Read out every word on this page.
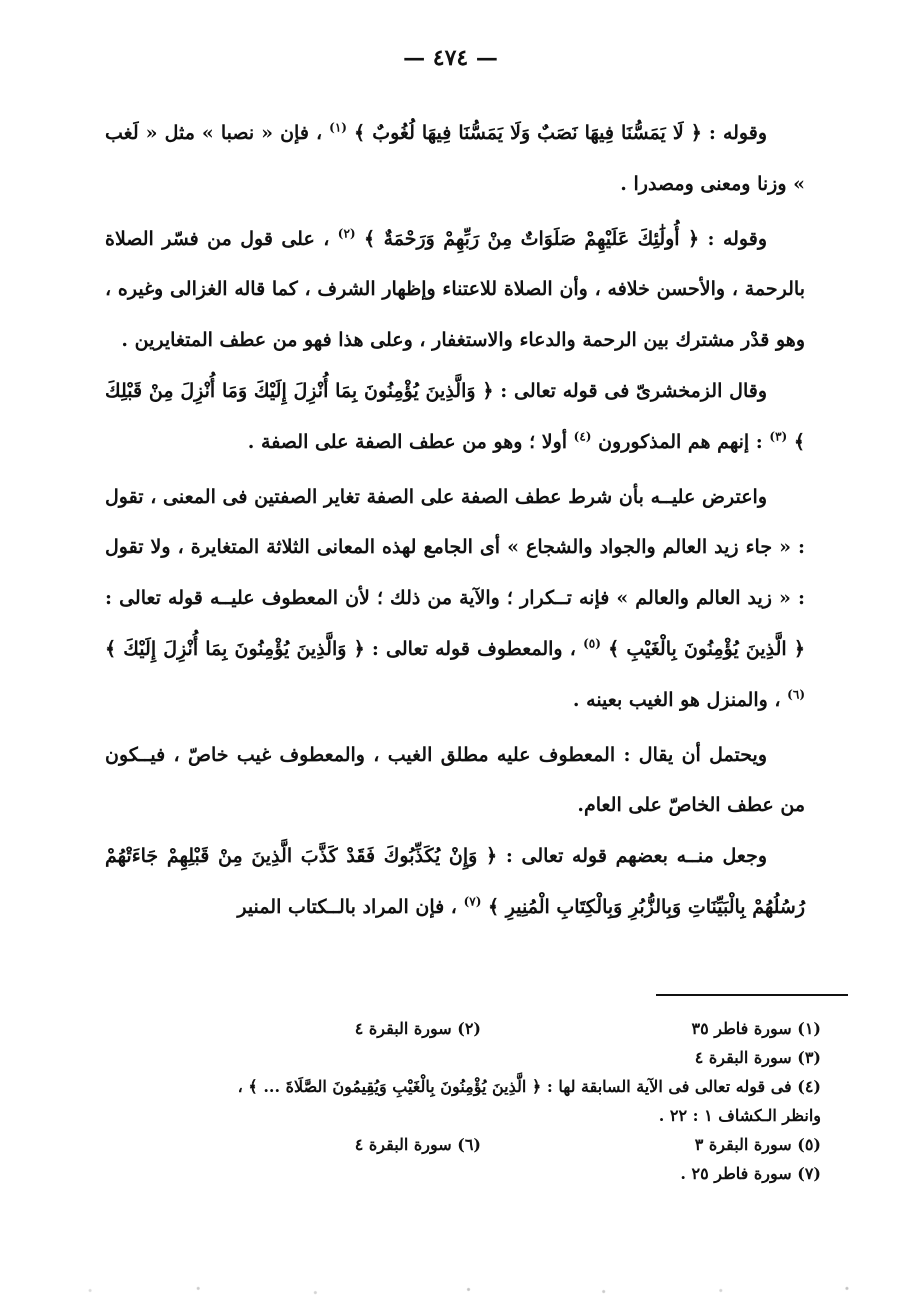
— ٤٧٤ —

وقوله : ﴿ لَا يَمَسُّنَا فِيهَا نَصَبٌ وَلَا يَمَسُّنَا فِيهَا لُغُوبٌ ﴾ $^{(١)}$ ، فإن « نصبا » مثل « لَغب » وزنا ومعنى ومصدرا .

وقوله : ﴿ أُولَٰئِكَ عَلَيْهِمْ صَلَوَاتٌ مِنْ رَبِّهِمْ وَرَحْمَةٌ ﴾ $^{(٢)}$ ، على قول من فسّر الصلاة بالرحمة ، والأحسن خلافه ، وأن الصلاة للاعتناء وإظهار الشرف ، كما قاله الغزالى وغيره ، وهو قدْر مشترك بين الرحمة والدعاء والاستغفار ، وعلى هذا فهو من عطف المتغايرين .

وقال الزمخشرىّ فى قوله تعالى : ﴿ وَالَّذِينَ يُؤْمِنُونَ بِمَا أُنْزِلَ إِلَيْكَ وَمَا أُنْزِلَ مِنْ قَبْلِكَ ﴾ $^{(٣)}$ : إنهم هم المذكورون $^{(٤)}$ أولا ؛ وهو من عطف الصفة على الصفة .

واعترض عليــه بأن شرط عطف الصفة على الصفة تغاير الصفتين فى المعنى ، تقول : « جاء زيد العالم والجواد والشجاع » أى الجامع لهذه المعانى الثلاثة المتغايرة ، ولا تقول : « زيد العالم والعالم » فإنه تــكرار ؛ والآية من ذلك ؛ لأن المعطوف عليــه قوله تعالى : ﴿ الَّذِينَ يُؤْمِنُونَ بِالْغَيْبِ ﴾ $^{(٥)}$ ، والمعطوف قوله تعالى : ﴿ وَالَّذِينَ يُؤْمِنُونَ بِمَا أُنْزِلَ إِلَيْكَ ﴾ $^{(٦)}$ ، والمنزل هو الغيب بعينه .

ويحتمل أن يقال : المعطوف عليه مطلق الغيب ، والمعطوف غيب خاصّ ، فيــكون من عطف الخاصّ على العام.

وجعل منــه بعضهم قوله تعالى : ﴿ وَإِنْ يُكَذِّبُوكَ فَقَدْ كَذَّبَ الَّذِينَ مِنْ قَبْلِهِمْ جَاءَتْهُمْ رُسُلُهُمْ بِالْبَيِّنَاتِ وَبِالزُّبُرِ وَبِالْكِتَابِ الْمُنِيرِ ﴾ $^{(٧)}$ ، فإن المراد بالــكتاب المنير

(١) سورة فاطر ٣٥
(٢) سورة البقرة ٤
(٣) سورة البقرة ٤
(٤) فى قوله تعالى فى الآية السابقة لها : ﴿ الَّذِينَ يُؤْمِنُونَ بِالْغَيْبِ وَيُقِيمُونَ الصَّلَاةَ ... ﴾ ،
وانظر الـكشاف ١ : ٢٢ .
(٥) سورة البقرة ٣
(٦) سورة البقرة ٤
(٧) سورة فاطر ٢٥ .
